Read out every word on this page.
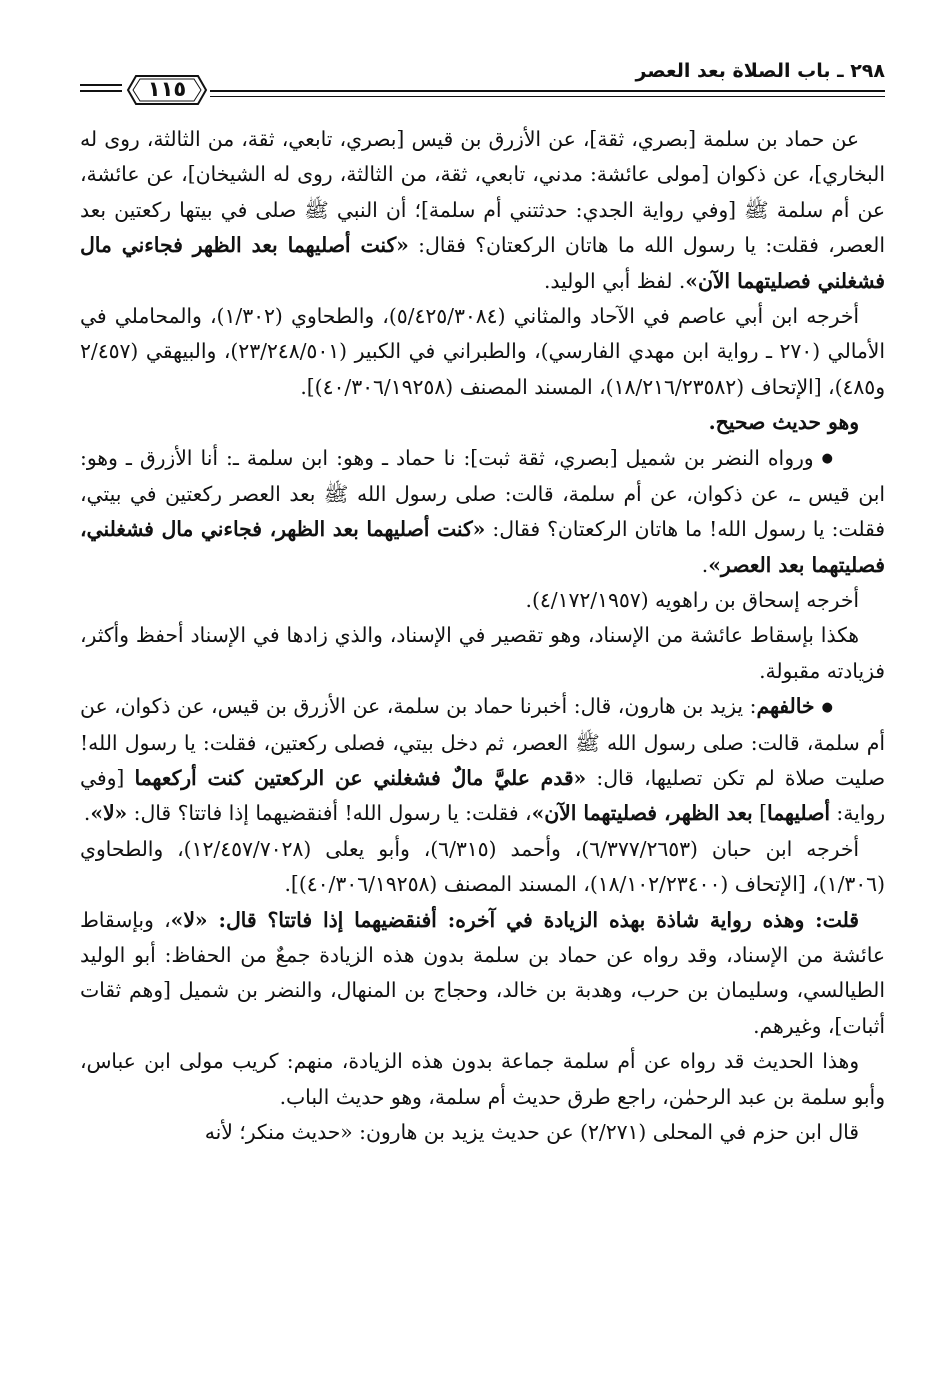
١١٥
٢٩٨ ـ باب الصلاة بعد العصر

عن حماد بن سلمة [بصري، ثقة]، عن الأزرق بن قيس [بصري، تابعي، ثقة، من الثالثة، روى له البخاري]، عن ذكوان [مولى عائشة: مدني، تابعي، ثقة، من الثالثة، روى له الشيخان]، عن عائشة، عن أم سلمة ﷺ [وفي رواية الجدي: حدثتني أم سلمة]؛ أن النبي ﷺ صلى في بيتها ركعتين بعد العصر، فقلت: يا رسول الله ما هاتان الركعتان؟ فقال: «كنت أصليهما بعد الظهر فجاءني مال فشغلني فصليتهما الآن». لفظ أبي الوليد.

أخرجه ابن أبي عاصم في الآحاد والمثاني (٥/٤٢٥/٣٠٨٤)، والطحاوي (١/٣٠٢)، والمحاملي في الأمالي (٢٧٠ ـ رواية ابن مهدي الفارسي)، والطبراني في الكبير (٢٣/٢٤٨/٥٠١)، والبيهقي (٢/٤٥٧ و٤٨٥)، [الإتحاف (١٨/٢١٦/٢٣٥٨٢)، المسند المصنف (٤٠/٣٠٦/١٩٢٥٨)].

وهو حديث صحيح.

● ورواه النضر بن شميل [بصري، ثقة ثبت]: نا حماد ـ وهو: ابن سلمة ـ: أنا الأزرق ـ وهو: ابن قيس ـ، عن ذكوان، عن أم سلمة، قالت: صلى رسول الله ﷺ بعد العصر ركعتين في بيتي، فقلت: يا رسول الله! ما هاتان الركعتان؟ فقال: «كنت أصليهما بعد الظهر، فجاءني مال فشغلني، فصليتهما بعد العصر».

أخرجه إسحاق بن راهويه (٤/١٧٢/١٩٥٧).

هكذا بإسقاط عائشة من الإسناد، وهو تقصير في الإسناد، والذي زادها في الإسناد أحفظ وأكثر، فزيادته مقبولة.

● خالفهم: يزيد بن هارون، قال: أخبرنا حماد بن سلمة، عن الأزرق بن قيس، عن ذكوان، عن أم سلمة، قالت: صلى رسول الله ﷺ العصر، ثم دخل بيتي، فصلى ركعتين، فقلت: يا رسول الله! صليت صلاة لم تكن تصليها، قال: «قدم عليَّ مالٌ فشغلني عن الركعتين كنت أركعهما [وفي رواية: أصليهما] بعد الظهر، فصليتهما الآن»، فقلت: يا رسول الله! أفنقضيهما إذا فاتتا؟ قال: «لا».

أخرجه ابن حبان (٦/٣٧٧/٢٦٥٣)، وأحمد (٦/٣١٥)، وأبو يعلى (١٢/٤٥٧/٧٠٢٨)، والطحاوي (١/٣٠٦)، [الإتحاف (١٨/١٠٢/٢٣٤٠٠)، المسند المصنف (٤٠/٣٠٦/١٩٢٥٨)].

قلت: وهذه رواية شاذة بهذه الزيادة في آخره: أفنقضيهما إذا فاتتا؟ قال: «لا»، وبإسقاط عائشة من الإسناد، وقد رواه عن حماد بن سلمة بدون هذه الزيادة جمعٌ من الحفاظ: أبو الوليد الطيالسي، وسليمان بن حرب، وهدبة بن خالد، وحجاج بن المنهال، والنضر بن شميل [وهم ثقات أثبات]، وغيرهم.

وهذا الحديث قد رواه عن أم سلمة جماعة بدون هذه الزيادة، منهم: كريب مولى ابن عباس، وأبو سلمة بن عبد الرحمٰن، راجع طرق حديث أم سلمة، وهو حديث الباب.

قال ابن حزم في المحلى (٢/٢٧١) عن حديث يزيد بن هارون: «حديث منكر؛ لأنه
